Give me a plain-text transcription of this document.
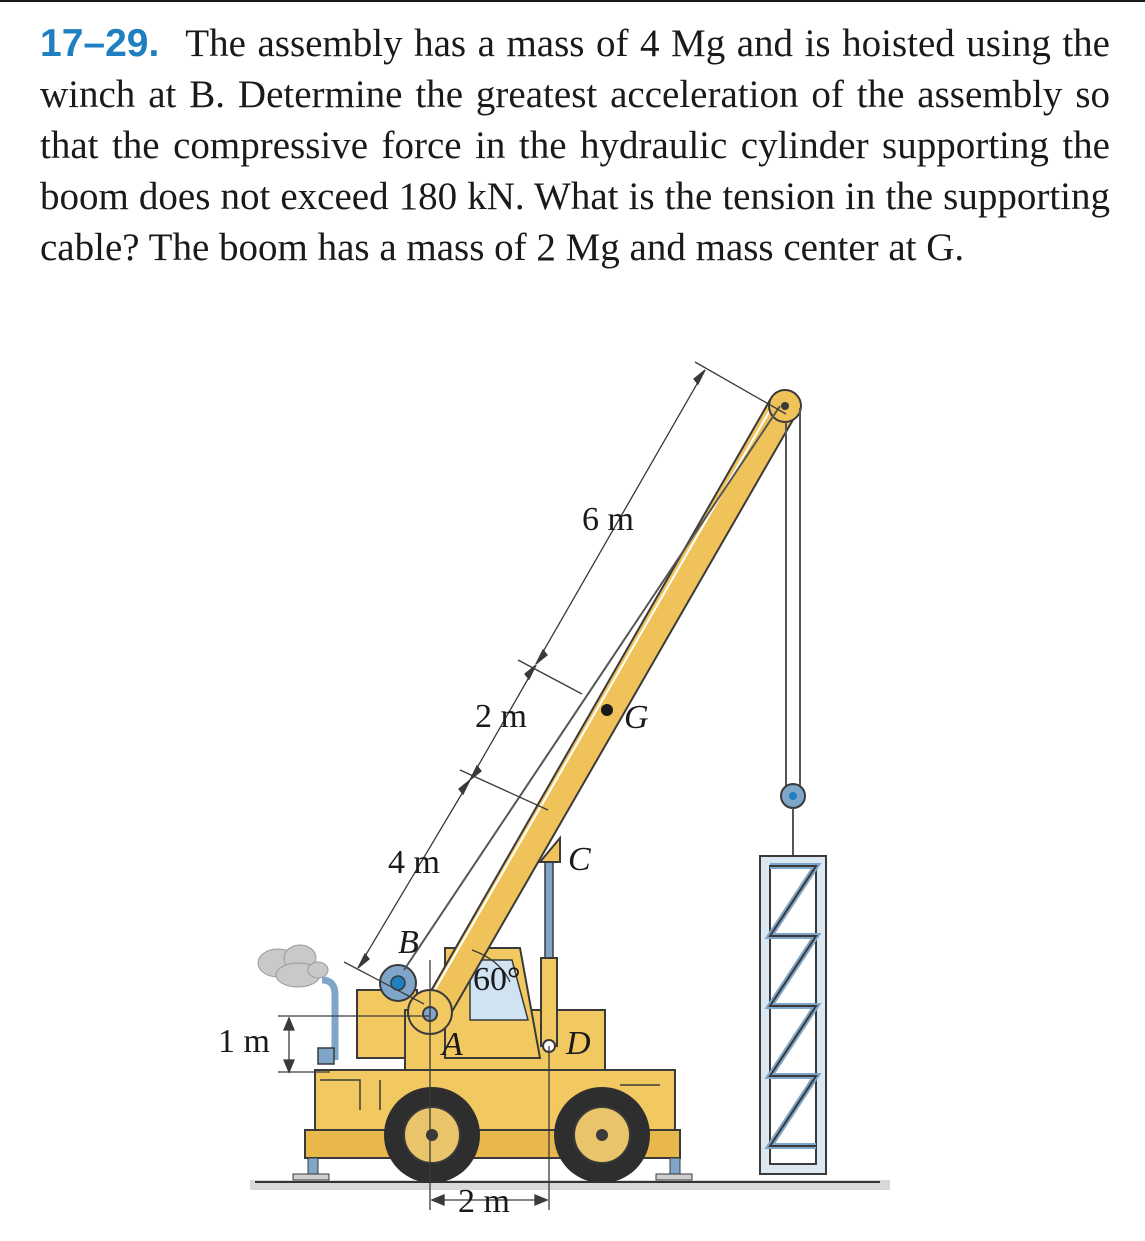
17–29. The assembly has a mass of 4 Mg and is hoisted using the winch at B. Determine the greatest acceleration of the assembly so that the compressive force in the hydraulic cylinder supporting the boom does not exceed 180 kN. What is the tension in the supporting cable? The boom has a mass of 2 Mg and mass center at G.
6 m
2 m
4 m
1 m
2 m
60°
B
A
C
D
G
